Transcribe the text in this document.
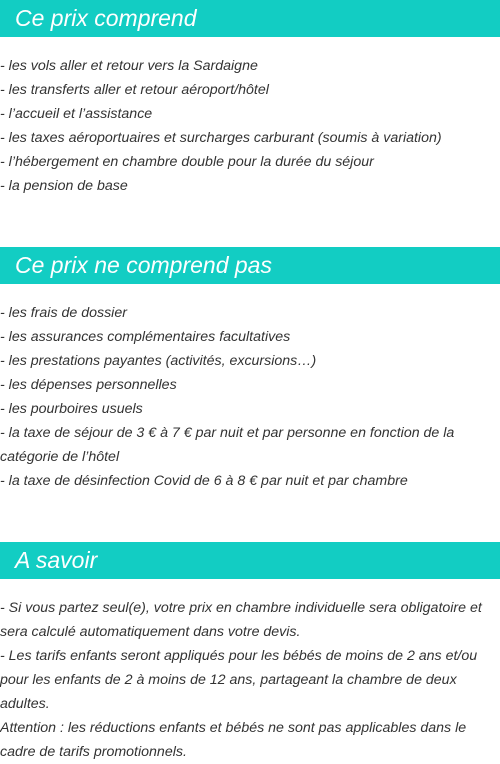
Ce prix comprend
- les vols aller et retour vers la Sardaigne
- les transferts aller et retour aéroport/hôtel
- l’accueil et l’assistance
- les taxes aéroportuaires et surcharges carburant (soumis à variation)
- l’hébergement en chambre double pour la durée du séjour
- la pension de base
Ce prix ne comprend pas
- les frais de dossier
- les assurances complémentaires facultatives
- les prestations payantes (activités, excursions…)
- les dépenses personnelles
- les pourboires usuels
- la taxe de séjour de 3 € à 7 € par nuit et par personne en fonction de la catégorie de l’hôtel
- la taxe de désinfection Covid de 6 à 8 € par nuit et par chambre
A savoir
- Si vous partez seul(e), votre prix en chambre individuelle sera obligatoire et sera calculé automatiquement dans votre devis.
- Les tarifs enfants seront appliqués pour les bébés de moins de 2 ans et/ou pour les enfants de 2 à moins de 12 ans, partageant la chambre de deux adultes.
Attention : les réductions enfants et bébés ne sont pas applicables dans le cadre de tarifs promotionnels.
